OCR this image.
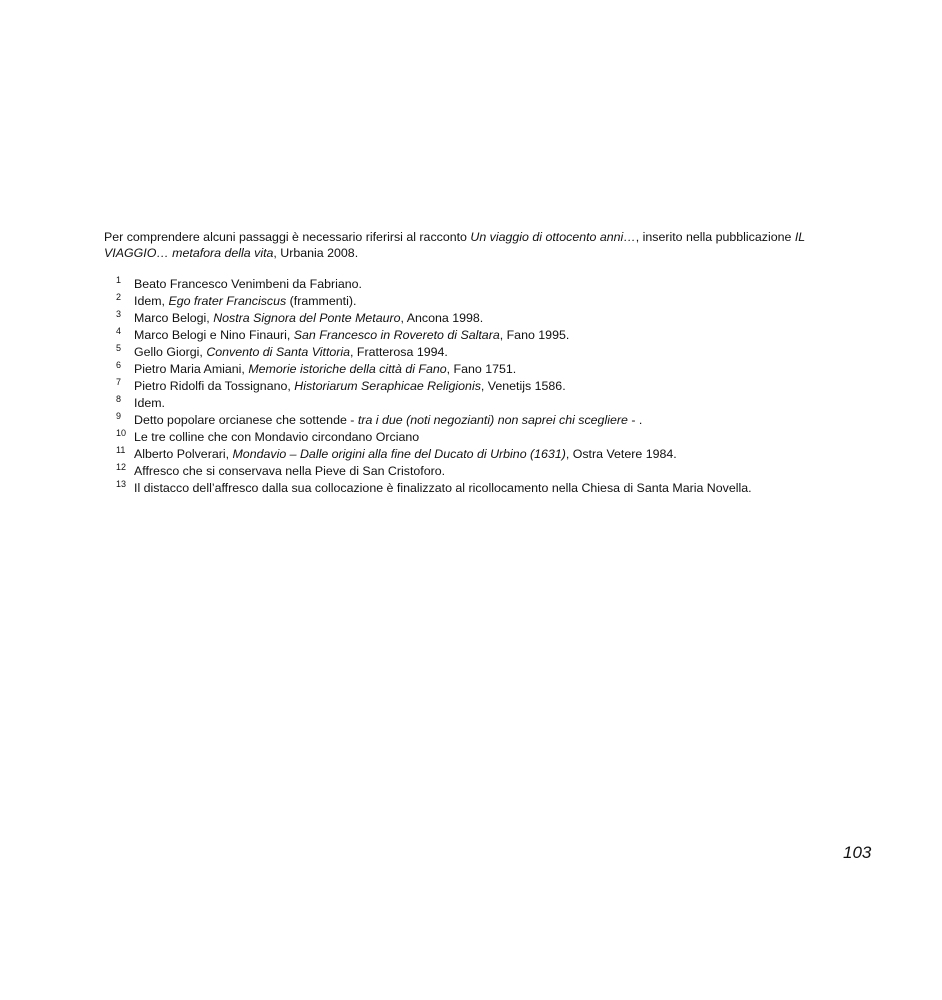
Per comprendere alcuni passaggi è necessario riferirsi al racconto Un viaggio di ottocento anni…, inserito nella pubblicazione IL VIAGGIO… metafora della vita, Urbania 2008.

1	Beato Francesco Venimbeni da Fabriano.
2	Idem, Ego frater Franciscus (frammenti).
3	Marco Belogi, Nostra Signora del Ponte Metauro, Ancona 1998.
4	Marco Belogi e Nino Finauri, San Francesco in Rovereto di Saltara, Fano 1995.
5	Gello Giorgi, Convento di Santa Vittoria, Fratterosa 1994.
6	Pietro Maria Amiani, Memorie istoriche della città di Fano, Fano 1751.
7	Pietro Ridolfi da Tossignano, Historiarum Seraphicae Religionis, Venetijs 1586.
8	Idem.
9	Detto popolare orcianese che sottende - tra i due (noti negozianti) non saprei chi scegliere - .
10 Le tre colline che con Mondavio circondano Orciano
11 Alberto Polverari, Mondavio – Dalle origini alla fine del Ducato di Urbino (1631), Ostra Vetere 1984.
12 Affresco che si conservava nella Pieve di San Cristoforo.
13 Il distacco dell’affresco dalla sua collocazione è finalizzato al ricollocamento nella Chiesa di Santa Maria Novella.

103
